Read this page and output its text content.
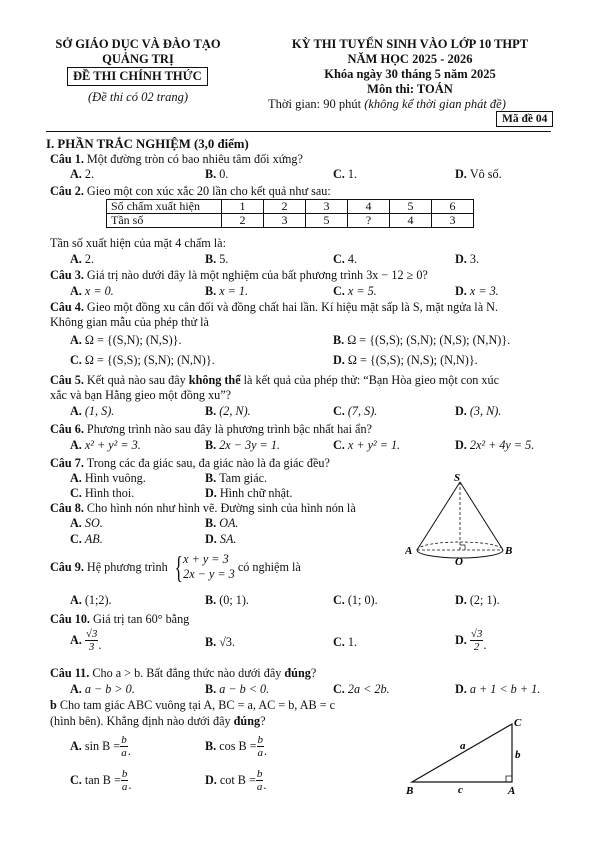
SỞ GIÁO DỤC VÀ ĐÀO TẠO
QUẢNG TRỊ
ĐỀ THI CHÍNH THỨC
(Đề thi có 02 trang)
KỲ THI TUYỂN SINH VÀO LỚP 10 THPT
NĂM HỌC 2025 - 2026
Khóa ngày 30 tháng 5 năm 2025
Môn thi: TOÁN
Thời gian: 90 phút (không kể thời gian phát đề)
Mã đề 04
I. PHẦN TRẮC NGHIỆM (3,0 điểm)
Câu 1. Một đường tròn có bao nhiêu tâm đối xứng?
A. 2.	B. 0.	C. 1.	D. Vô số.
Câu 2. Gieo một con xúc xắc 20 lần cho kết quả như sau:
Số chấm xuất hiện	1	2	3	4	5	6
Tần số	2	3	5	?	4	3
Tần số xuất hiện của mặt 4 chấm là:
A. 2.	B. 5.	C. 4.	D. 3.
Câu 3. Giá trị nào dưới đây là một nghiệm của bất phương trình 3x − 12 ≥ 0?
A. x = 0.	B. x = 1.	C. x = 5.	D. x = 3.
Câu 4. Gieo một đồng xu cân đối và đồng chất hai lần. Kí hiệu mặt sấp là S, mặt ngửa là N.
Không gian mẫu của phép thử là
A. Ω = {(S,N); (N,S)}.	B. Ω = {(S,S); (S,N); (N,S); (N,N)}.
C. Ω = {(S,S); (S,N); (N,N)}.	D. Ω = {(S,S); (N,S); (N,N)}.
Câu 5. Kết quả nào sau đây không thể là kết quả của phép thử: “Bạn Hòa gieo một con xúc
xắc và bạn Hằng gieo một đồng xu”?
A. (1, S).	B. (2, N).	C. (7, S).	D. (3, N).
Câu 6. Phương trình nào sau đây là phương trình bậc nhất hai ẩn?
A. x² + y² = 3.	B. 2x − 3y = 1.	C. x + y² = 1.	D. 2x² + 4y = 5.
Câu 7. Trong các đa giác sau, đa giác nào là đa giác đều?
A. Hình vuông.	B. Tam giác.
C. Hình thoi.	D. Hình chữ nhật.
Câu 8. Cho hình nón như hình vẽ. Đường sinh của hình nón là
A. SO.	B. OA.
C. AB.	D. SA.
S
A
O
B
Câu 9. Hệ phương trình { x + y = 3
2x − y = 3
có nghiệm là
A. (1;2).	B. (0; 1).	C. (1; 0).	D. (2; 1).
Câu 10. Giá trị tan 60° bằng
A. $\frac{√3}{3}$ .	B. √3.	C. 1.	D. $\frac{√3}{2}$ .
Câu 11. Cho a > b. Bất đẳng thức nào dưới đây đúng?
A. a − b > 0.	B. a − b < 0.	C. 2a < 2b.	D. a + 1 < b + 1.
b Cho tam giác ABC vuông tại A, BC = a, AC = b, AB = c
(hình bên). Khẳng định nào dưới đây đúng?
A. $\sin B = \frac{b}{a}$ .	B. $\cos B = \frac{b}{a}$ .
C. $\tan B = \frac{b}{a}$ .	D. $\cot B = \frac{b}{a}$ .
C
B	A
a
b
c
